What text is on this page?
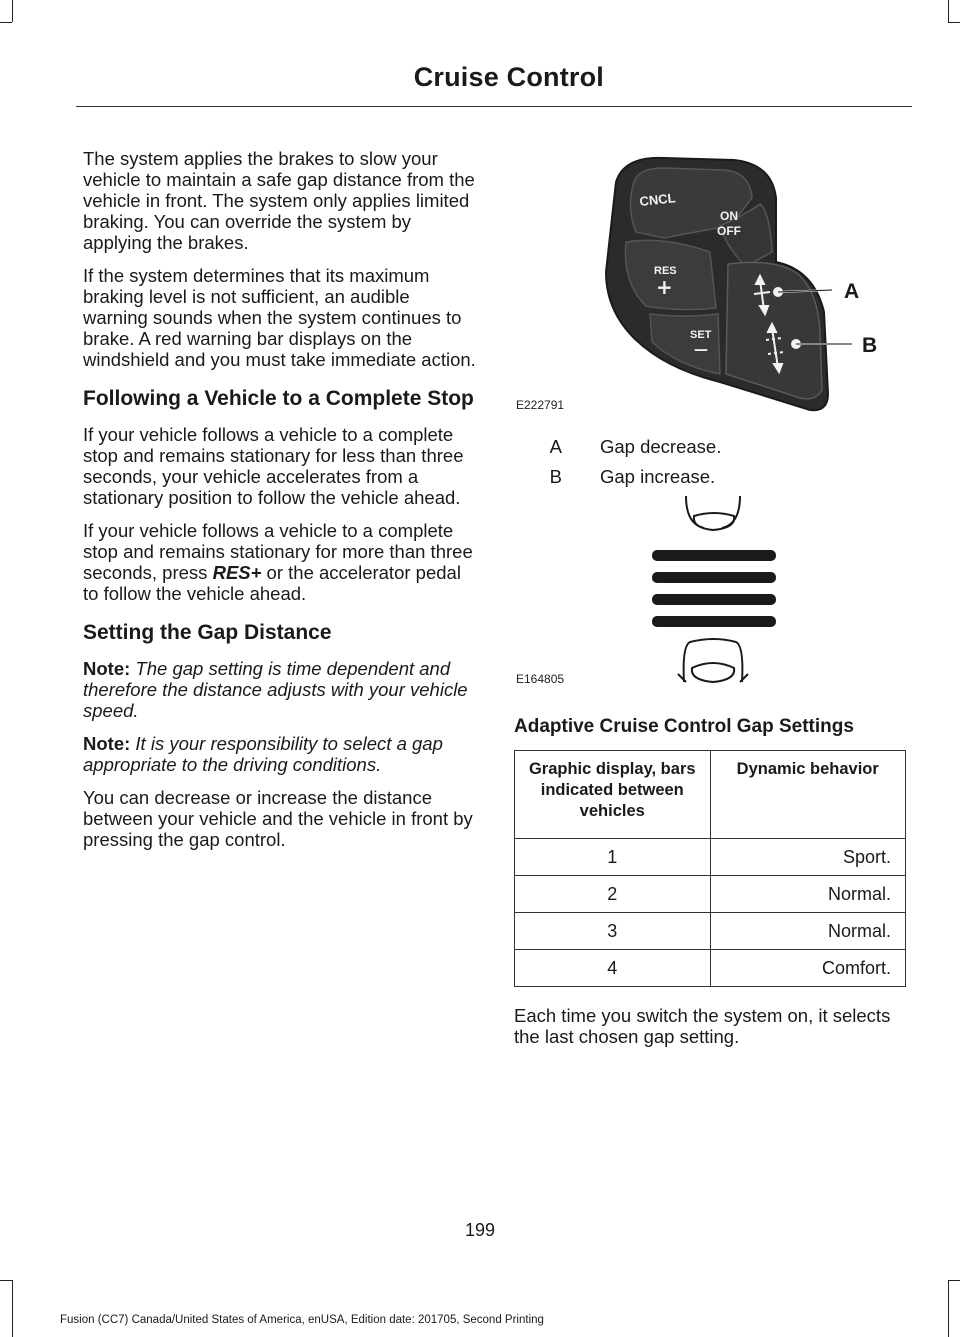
Cruise Control

The system applies the brakes to slow your vehicle to maintain a safe gap distance from the vehicle in front. The system only applies limited braking. You can override the system by applying the brakes.

If the system determines that its maximum braking level is not sufficient, an audible warning sounds when the system continues to brake. A red warning bar displays on the windshield and you must take immediate action.

Following a Vehicle to a Complete Stop

If your vehicle follows a vehicle to a complete stop and remains stationary for less than three seconds, your vehicle accelerates from a stationary position to follow the vehicle ahead.

If your vehicle follows a vehicle to a complete stop and remains stationary for more than three seconds, press RES+ or the accelerator pedal to follow the vehicle ahead.

Setting the Gap Distance

Note: The gap setting is time dependent and therefore the distance adjusts with your vehicle speed.

Note: It is your responsibility to select a gap appropriate to the driving conditions.

You can decrease or increase the distance between your vehicle and the vehicle in front by pressing the gap control.

CNCL
ON
OFF
RES
+
SET
—
A
B
E222791
A	Gap decrease.
B	Gap increase.
E164805
Adaptive Cruise Control Gap Settings
Graphic display, bars indicated between vehicles	Dynamic behavior
1	Sport.
2	Normal.
3	Normal.
4	Comfort.

Each time you switch the system on, it selects the last chosen gap setting.

199
Fusion (CC7) Canada/United States of America, enUSA, Edition date: 201705, Second Printing
